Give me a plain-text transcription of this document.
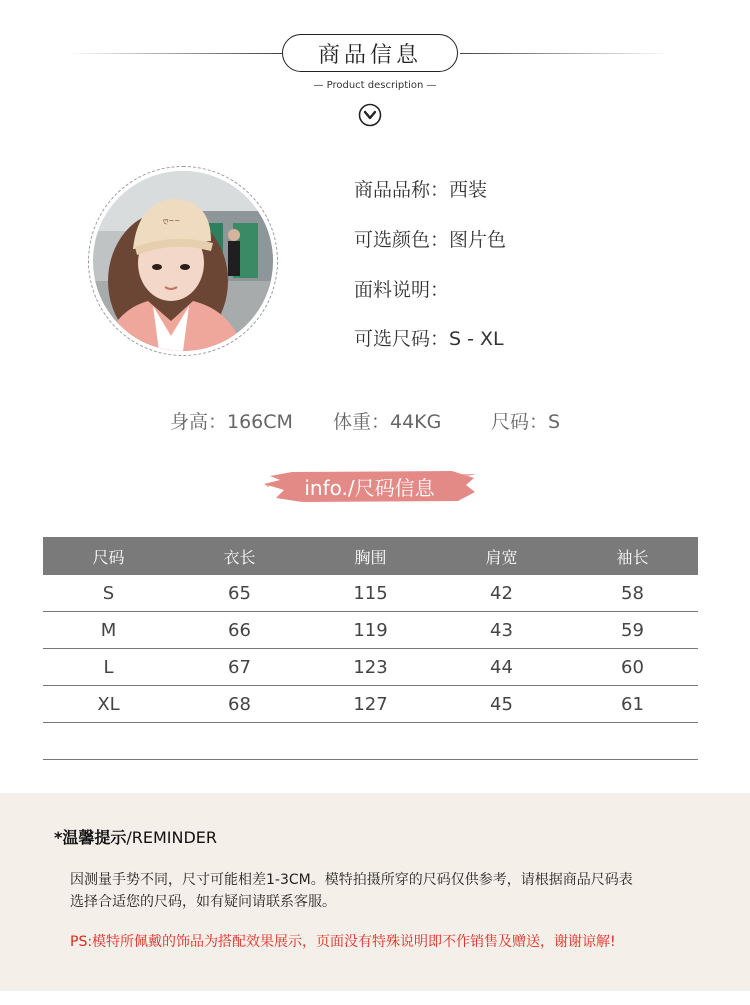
商品信息
— Product description —
ღ~~
商品品称：西装
可选颜色：图片色
面料说明：
可选尺码：S - XL
身高：166CM 体重：44KG	尺码：S
info./尺码信息
尺码	衣长	胸围	肩宽	袖长
S	65	115	42	58
M	66	119	43	59
L	67	123	44	60
XL	68	127	45	61

*温馨提示/REMINDER
因测量手势不同，尺寸可能相差1-3CM。模特拍摄所穿的尺码仅供参考，请根据商品尺码表
选择合适您的尺码，如有疑问请联系客服。
PS:模特所佩戴的饰品为搭配效果展示，页面没有特殊说明即不作销售及赠送，谢谢谅解!
